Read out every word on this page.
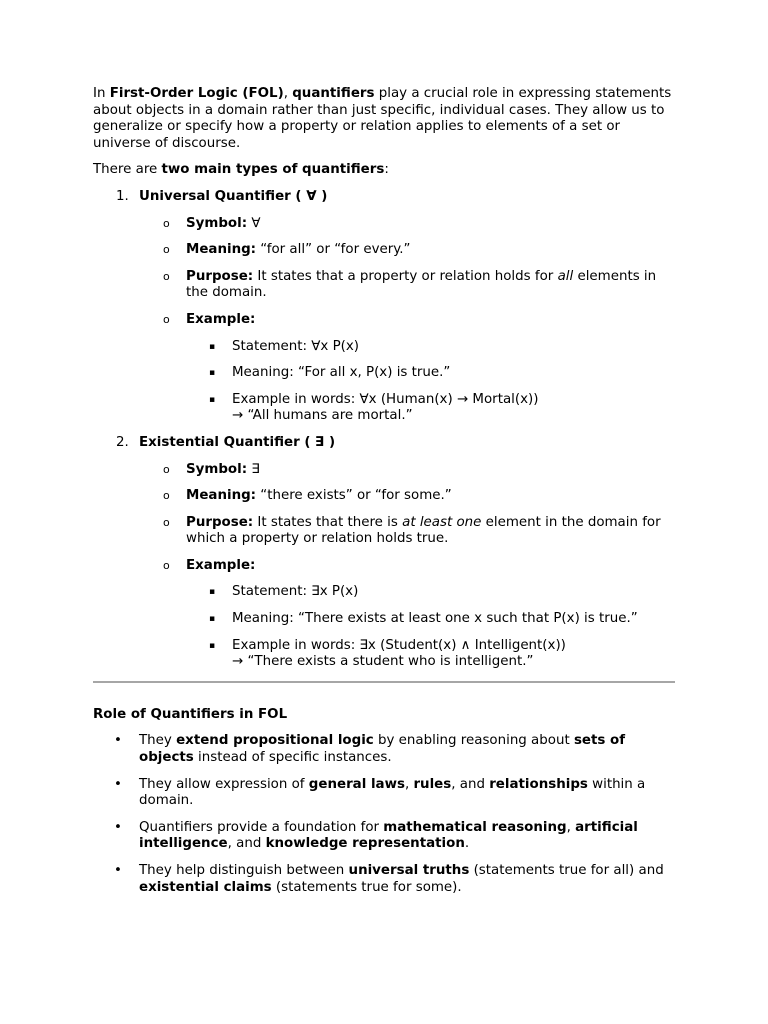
In First-Order Logic (FOL), quantifiers play a crucial role in expressing statements about objects in a domain rather than just specific, individual cases. They allow us to generalize or specify how a property or relation applies to elements of a set or universe of discourse.

There are two main types of quantifiers:

1. Universal Quantifier ( ∀ )
o Symbol: ∀
o Meaning: “for all” or “for every.”
o Purpose: It states that a property or relation holds for all elements in the domain.
o Example:
▪ Statement: ∀x P(x)
▪ Meaning: “For all x, P(x) is true.”
▪ Example in words: ∀x (Human(x) → Mortal(x))
→ “All humans are mortal.”
2. Existential Quantifier ( ∃ )
o Symbol: ∃
o Meaning: “there exists” or “for some.”
o Purpose: It states that there is at least one element in the domain for which a property or relation holds true.
o Example:
▪ Statement: ∃x P(x)
▪ Meaning: “There exists at least one x such that P(x) is true.”
▪ Example in words: ∃x (Student(x) ∧ Intelligent(x))
→ “There exists a student who is intelligent.”

Role of Quantifiers in FOL

• They extend propositional logic by enabling reasoning about sets of objects instead of specific instances.
• They allow expression of general laws, rules, and relationships within a domain.
• Quantifiers provide a foundation for mathematical reasoning, artificial intelligence, and knowledge representation.
• They help distinguish between universal truths (statements true for all) and existential claims (statements true for some).
